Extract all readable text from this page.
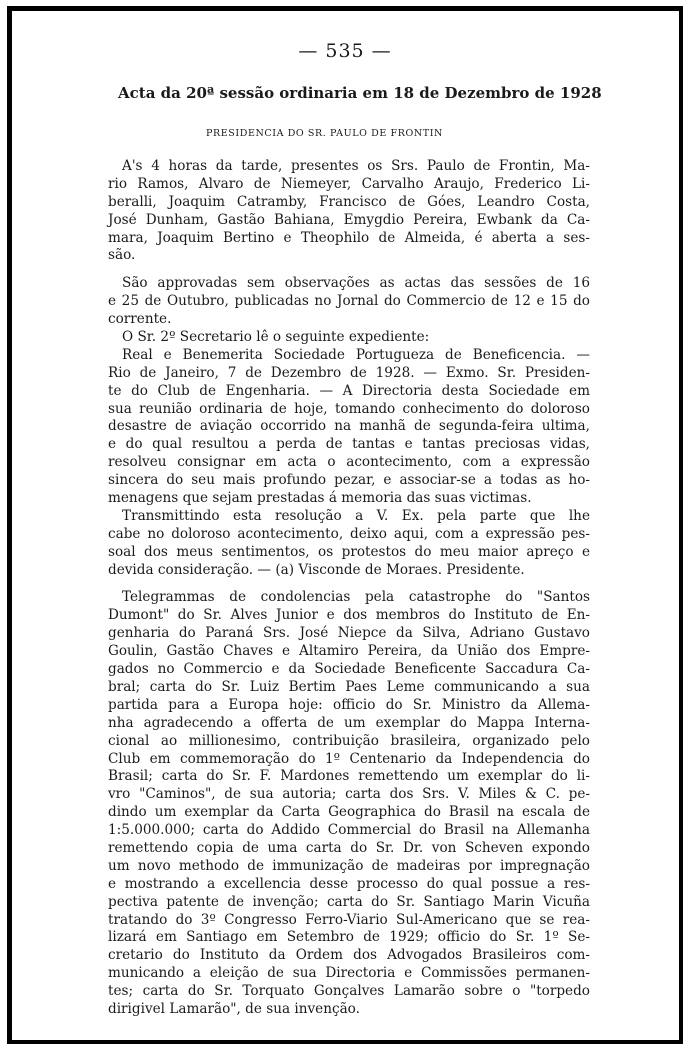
— 535 —
Acta da 20ª sessão ordinaria em 18 de Dezembro de 1928
PRESIDENCIA DO SR. PAULO DE FRONTIN
A's 4 horas da tarde, presentes os Srs. Paulo de Frontin, Ma-
rio Ramos, Alvaro de Niemeyer, Carvalho Araujo, Frederico Li-
beralli, Joaquim Catramby, Francisco de Góes, Leandro Costa,
José Dunham, Gastão Bahiana, Emygdio Pereira, Ewbank da Ca-
mara, Joaquim Bertino e Theophilo de Almeida, é aberta a ses-
são.
São approvadas sem observações as actas das sessões de 16
e 25 de Outubro, publicadas no Jornal do Commercio de 12 e 15 do
corrente.
O Sr. 2º Secretario lê o seguinte expediente:
Real e Benemerita Sociedade Portugueza de Beneficencia. —
Rio de Janeiro, 7 de Dezembro de 1928. — Exmo. Sr. Presiden-
te do Club de Engenharia. — A Directoria desta Sociedade em
sua reunião ordinaria de hoje, tomando conhecimento do doloroso
desastre de aviação occorrido na manhã de segunda-feira ultima,
e do qual resultou a perda de tantas e tantas preciosas vidas,
resolveu consignar em acta o acontecimento, com a expressão
sincera do seu mais profundo pezar, e associar-se a todas as ho-
menagens que sejam prestadas á memoria das suas victimas.
Transmittindo esta resolução a V. Ex. pela parte que lhe
cabe no doloroso acontecimento, deixo aqui, com a expressão pes-
soal dos meus sentimentos, os protestos do meu maior apreço e
devida consideração. — (a) Visconde de Moraes. Presidente.
Telegrammas de condolencias pela catastrophe do "Santos
Dumont" do Sr. Alves Junior e dos membros do Instituto de En-
genharia do Paraná Srs. José Niepce da Silva, Adriano Gustavo
Goulin, Gastão Chaves e Altamiro Pereira, da União dos Empre-
gados no Commercio e da Sociedade Beneficente Saccadura Ca-
bral; carta do Sr. Luiz Bertim Paes Leme communicando a sua
partida para a Europa hoje: officio do Sr. Ministro da Allema-
nha agradecendo a offerta de um exemplar do Mappa Interna-
cional ao millionesimo, contribuição brasileira, organizado pelo
Club em commemoração do 1º Centenario da Independencia do
Brasil; carta do Sr. F. Mardones remettendo um exemplar do li-
vro "Caminos", de sua autoria; carta dos Srs. V. Miles & C. pe-
dindo um exemplar da Carta Geographica do Brasil na escala de
1:5.000.000; carta do Addido Commercial do Brasil na Allemanha
remettendo copia de uma carta do Sr. Dr. von Scheven expondo
um novo methodo de immunização de madeiras por impregnação
e mostrando a excellencia desse processo do qual possue a res-
pectiva patente de invenção; carta do Sr. Santiago Marin Vicuña
tratando do 3º Congresso Ferro-Viario Sul-Americano que se rea-
lizará em Santiago em Setembro de 1929; officio do Sr. 1º Se-
cretario do Instituto da Ordem dos Advogados Brasileiros com-
municando a eleição de sua Directoria e Commissões permanen-
tes; carta do Sr. Torquato Gonçalves Lamarão sobre o "torpedo
dirigivel Lamarão", de sua invenção.
